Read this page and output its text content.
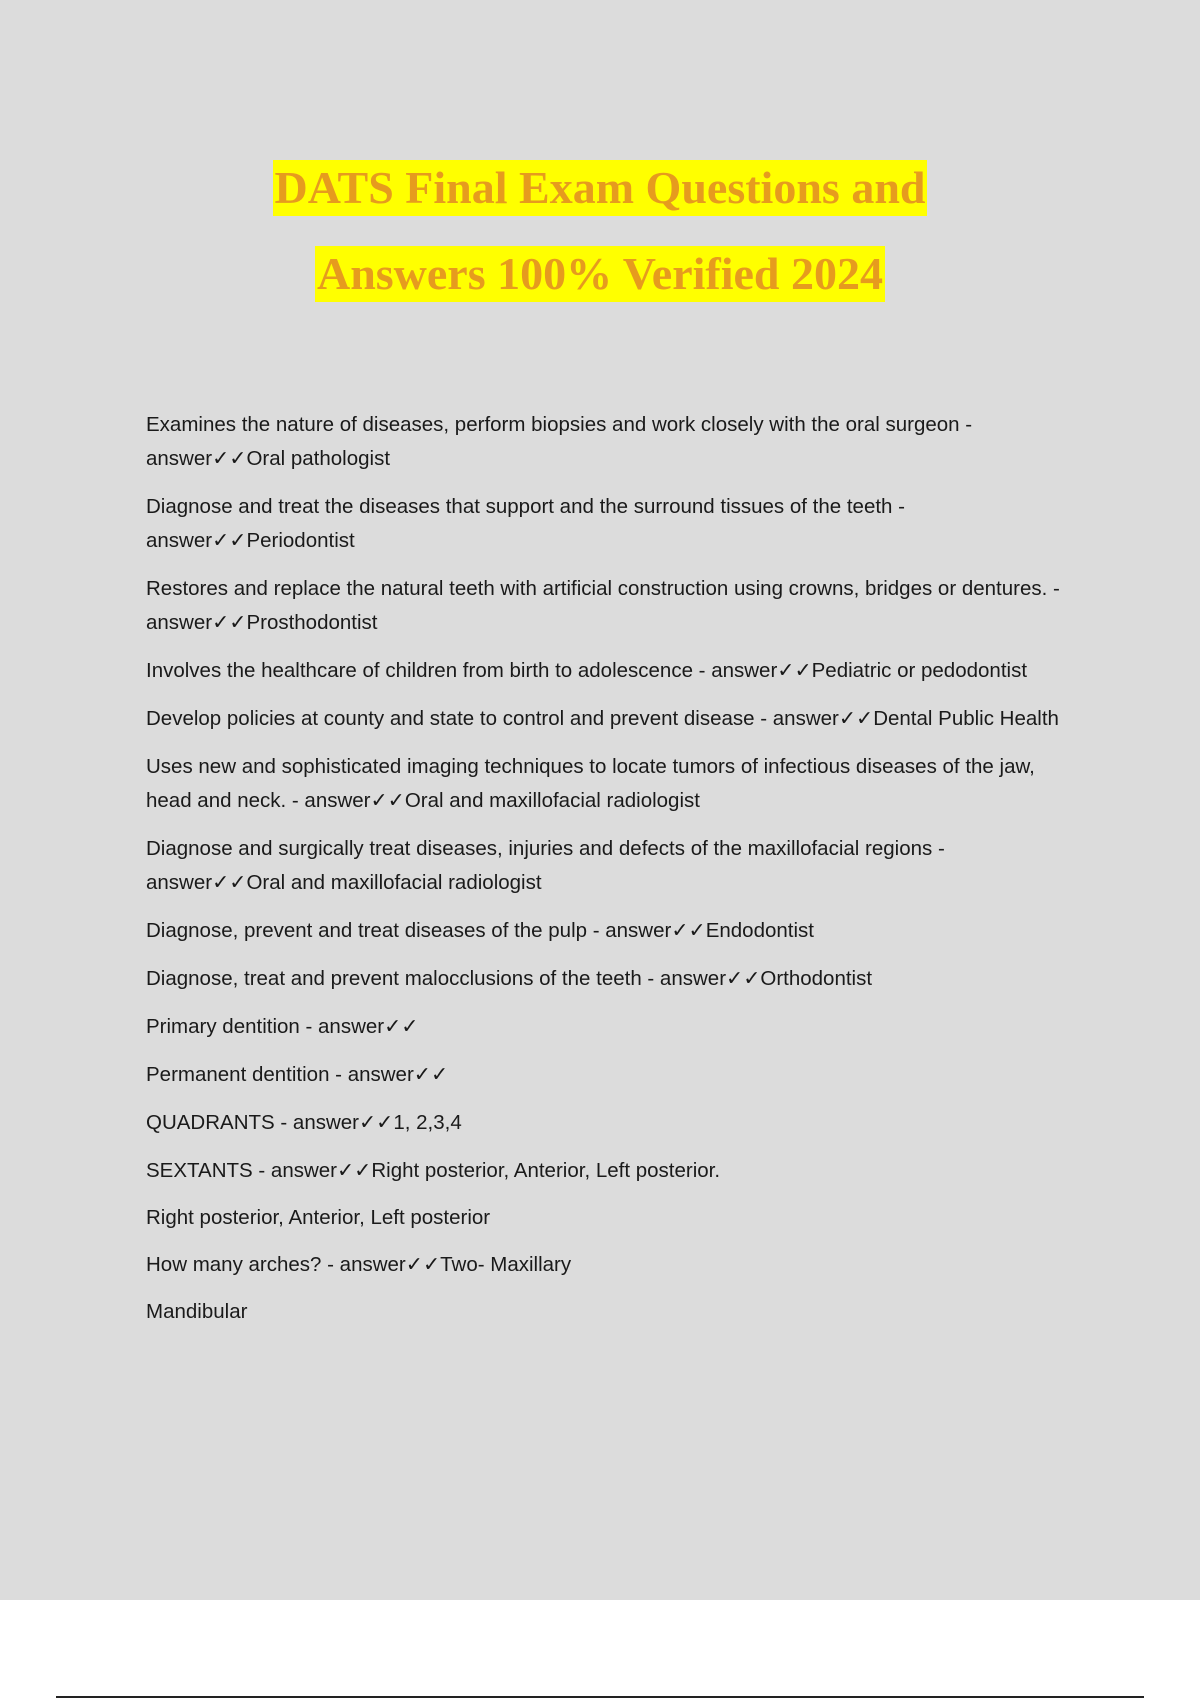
DATS Final Exam Questions and
Answers 100% Verified 2024

Examines the nature of diseases, perform biopsies and work closely with the oral surgeon - answer✓✓Oral pathologist

Diagnose and treat the diseases that support and the surround tissues of the teeth - answer✓✓Periodontist

Restores and replace the natural teeth with artificial construction using crowns, bridges or dentures. - answer✓✓Prosthodontist

Involves the healthcare of children from birth to adolescence - answer✓✓Pediatric or pedodontist

Develop policies at county and state to control and prevent disease - answer✓✓Dental Public Health

Uses new and sophisticated imaging techniques to locate tumors of infectious diseases of the jaw, head and neck. - answer✓✓Oral and maxillofacial radiologist

Diagnose and surgically treat diseases, injuries and defects of the maxillofacial regions - answer✓✓Oral and maxillofacial radiologist

Diagnose, prevent and treat diseases of the pulp - answer✓✓Endodontist

Diagnose, treat and prevent malocclusions of the teeth - answer✓✓Orthodontist

Primary dentition - answer✓✓

Permanent dentition - answer✓✓

QUADRANTS - answer✓✓1, 2,3,4

SEXTANTS - answer✓✓Right posterior, Anterior, Left posterior.

Right posterior, Anterior, Left posterior

How many arches? - answer✓✓Two- Maxillary

Mandibular
